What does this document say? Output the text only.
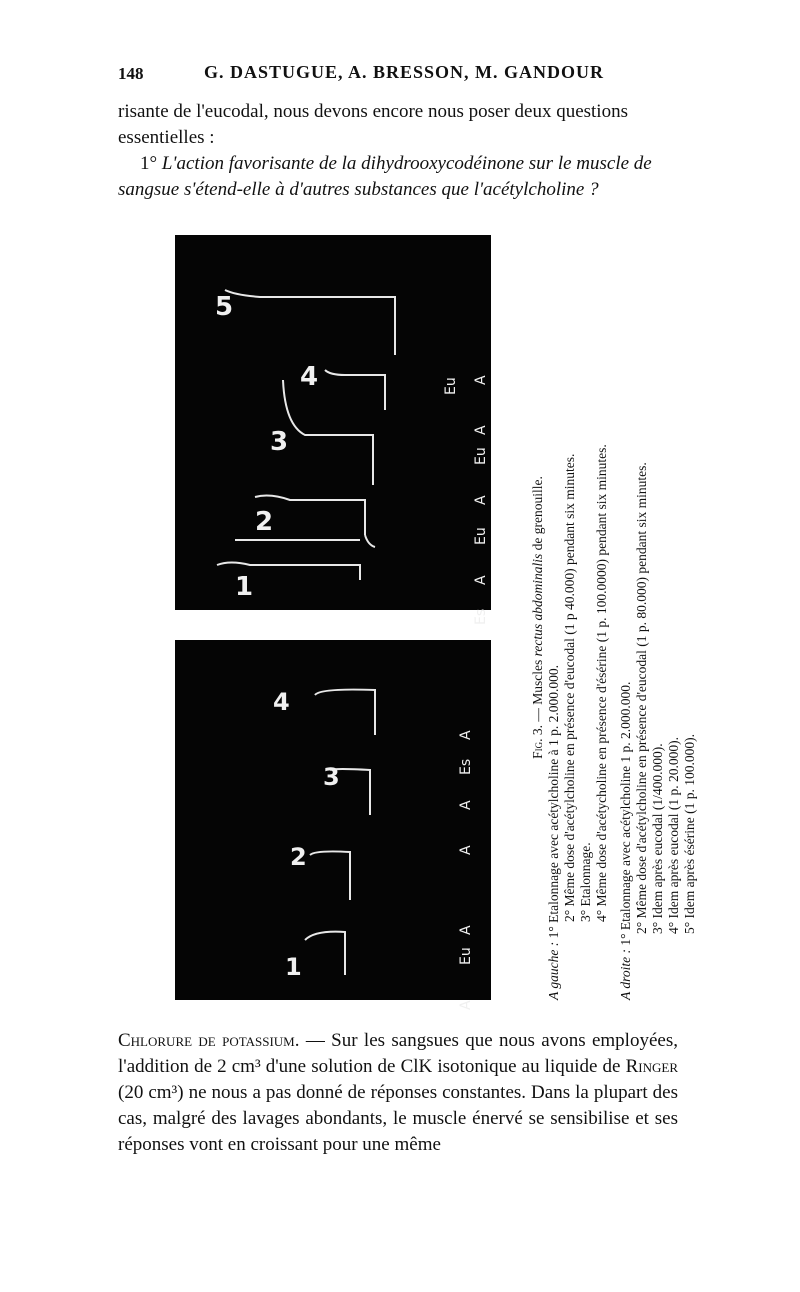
148	G. DASTUGUE, A. BRESSON, M. GANDOUR

risante de l'eucodal, nous devons encore nous poser deux questions essentielles :

1° L'action favorisante de la dihydrooxycodéinone sur le muscle de sangsue s'étend-elle à d'autres substances que l'acétylcholine ?

1
2
3
4
5
A
Eu
A
Eu
A
Eu
A
Es
1
2
3
4
A
Eu
A
A
A
Es
A	Fig. 3. — Muscles rectus abdominalis de grenouille.

A gauche : 1° Etalonnage avec acétylcholine à 1 p. 2.000.000. 2° Même dose d'acétylcholine en présence d'eucodal (1 p 40.000) pendant six minutes. 3° Etalonnage. 4° Même dose d'acétycholine en présence d'ésérine (1 p. 100.0000) pendant six minutes.

A droite : 1° Etalonnage avec acétylcholine 1 p. 2.000.000. 2° Même dose d'acétylcholine en présence d'eucodal (1 p. 80.000) pendant six minutes. 3° Idem après eucodal (1/400.000). 4° Idem après eucodal (1 p. 20.000). 5° Idem après ésérine (1 p. 100.000).

Chlorure de potassium. — Sur les sangsues que nous avons employées, l'addition de 2 cm³ d'une solution de ClK isotonique au liquide de Ringer (20 cm³) ne nous a pas donné de réponses constantes. Dans la plupart des cas, malgré des lavages abondants, le muscle énervé se sensibilise et ses réponses vont en croissant pour une même
